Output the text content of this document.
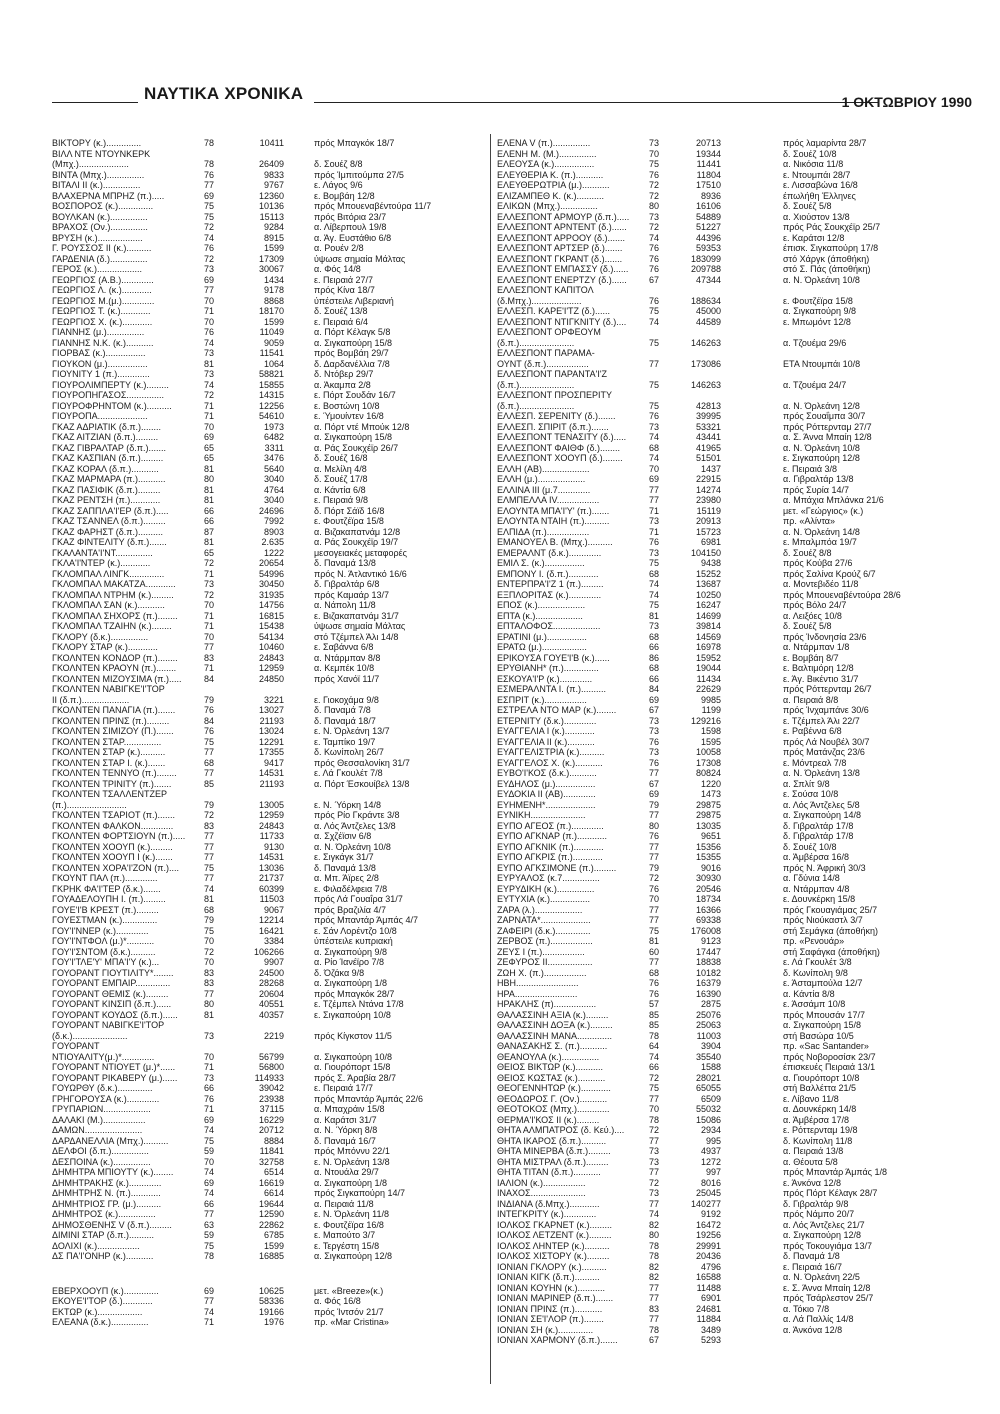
ΝΑΥΤΙΚΑ ΧΡΟΝΙΚΑ	1 ΟΚΤΩΒΡΙΟΥ 1990
ΒΙΚΤΟΡΥ (κ.)..............	78	10411	πρός Μπαγκόκ 18/7
ΒΙΛΛ ΝΤΕ ΝΤΟΥΝΚΕΡΚ
(Μπχ.)....................	78	26409	δ. Σουέζ 8/8
ΒΙΝΤΑ (Μπχ.)...............	76	9833	πρός Ίμπιτούμπα 27/5
ΒΙΤΑΛΙ ΙΙ (κ.)...............	77	9767	ε. Λάγος 9/6
ΒΛΑΧΕΡΝΑ ΜΠΡΗΖ (π.).....	69	12360	ε. Βομβάη 12/8
ΒΟΣΠΟΡΟΣ (κ.)..............	75	10136	πρός Μπουεναβέντούρα 11/7
ΒΟΥΛΚΑΝ (κ.)...............	75	15113	πρός Βιτόρια 23/7
ΒΡΑΧΟΣ (Ον.)...............	72	9284	α. Λίβερπουλ 19/8
ΒΡΥΣΗ (κ.)..................	74	8915	α. Άγ. Ευστάθιο 6/8
Γ. ΡΟΥΣΣΟΣ ΙΙ (κ.)..........	76	1599	α. Ρουέν 2/8
ΓΑΡΔΕΝΙΑ (δ.)...............	72	17309	ύψωσε σημαία Μάλτας
ΓΕΡΟΣ (κ.)..................	73	30067	α. Φός 14/8
ΓΕΩΡΓΙΟΣ (Α.Β.).............	69	1434	ε. Πειραιά 27/7
ΓΕΩΡΓΙΟΣ Λ. (κ.)............	77	9178	πρός Κίνα 18/7
ΓΕΩΡΓΙΟΣ Μ.(μ.).............	70	8868	ύπέστειλε Λιβεριανή
ΓΕΩΡΓΙΟΣ Τ. (κ.)............	71	18170	δ. Σουέζ 13/8
ΓΕΩΡΓΙΟΣ Χ. (κ.)............	70	1599	ε. Πειραιά 6/4
ΓΙΑΝΝΗΣ (μ.)...............	76	11049	α. Πόρτ Κέλαγκ 5/8
ΓΙΑΝΝΗΣ Ν.Κ. (κ.)...........	74	9059	α. Σιγκαπούρη 15/8
ΓΙΟΡΒΑΣ (κ.)................	73	11541	πρός Βομβάη 29/7
ΓΙΟΥΚΟΝ (μ.)................	81	1064	δ. Δαρδανέλλια 7/8
ΓΙΟΥΝΙΤΥ 1 (π.).............	73	58821	δ. Ντόβερ 29/7
ΓΙΟΥΡΟΛΙΜΠΕΡΤΥ (κ.).........	74	15855	α. Άκαμπα 2/8
ΓΙΟΥΡΟΠΗΓΑΣΟΣ...............	72	14315	ε. Πόρτ Σουδάν 16/7
ΓΙΟΥΡΟΦΡΗΝΤΟΜ (κ.)..........	71	12256	ε. Βοστώνη 10/8
ΓΙΟΥΡΟΠΑ....................	71	54610	ε. Ύμουίντεν 16/8
ΓΚΑΖ ΑΔΡΙΑΤΙΚ (δ.π.)........	70	1973	α. Πόρτ ντέ Μπούκ 12/8
ΓΚΑΖ ΑΙΤΖΙΑΝ (δ.π.).........	69	6482	α. Σιγκαπούρη 15/8
ΓΚΑΖ ΓΙΒΡΑΛΤΑΡ (δ.π.).......	65	3311	α. Ράς Σουκχέϊρ 26/7
ΓΚΑΖ ΚΑΣΠΙΑΝ (δ.π.).........	65	3476	δ. Σουέζ 16/8
ΓΚΑΖ ΚΟΡΑΛ (δ.π.)...........	81	5640	α. Μελίλη 4/8
ΓΚΑΖ ΜΑΡΜΑΡΑ (π.)...........	80	3040	δ. Σουέζ 17/8
ΓΚΑΖ ΠΑΣΙΦΙΚ (δ.π.).........	81	4764	α. Κάντία 6/8
ΓΚΑΖ ΡΕΝΤΣΗ (π.)............	81	3040	ε. Πειραιά 9/8
ΓΚΑΖ ΣΑΠΠΛΑ'Ι'ΕΡ (δ.π.).....	66	24696	δ. Πόρτ Σάϊδ 16/8
ΓΚΑΖ ΤΣΑΝΝΕΛ (δ.π.).........	66	7992	ε. Φουτζέϊρα 15/8
ΓΚΑΖ ΦΑΡΗΣΤ (δ.π.)..........	87	8903	α. Βιζακαπατνάμ 12/8
ΓΚΑΖ ΦΙΝΤΕΛΙΤΥ (δ.π.).......	81	2.635	α. Ράς Σουκχέϊρ 19/7
ΓΚΑΛΑΝΤΑ'Ι'ΝΤ...............	65	1222	μεσογειακές μεταφορές
ΓΚΛΑ'Ι'ΝΤΕΡ (κ.)............	72	20654	δ. Παναμά 13/8
ΓΚΛΟΜΠΑΛ ΛΙΝΓΚ..............	71	54996	πρός Ν. Άτλαντικό 16/6
ΓΚΛΟΜΠΑΛ ΜΑΚΑΤΖΑ............	73	30450	δ. Γιβραλτάρ 6/8
ΓΚΛΟΜΠΑΛ ΝΤΡΗΜ (κ.).........	72	31935	πρός Καμαάρ 13/7
ΓΚΛΟΜΠΑΛ ΣΑΝ (κ.)...........	70	14756	α. Νάπολη 11/8
ΓΚΛΟΜΠΑΛ ΣΗΧΟΡΣ (π.)........	71	16815	ε. Βιζακαπατνάμ 31/7
ΓΚΛΟΜΠΑΛ ΤΖΑΙΗΝ (κ.)........	71	15438	ύψωσε σημαία Μάλτας
ΓΚΛΟΡΥ (δ.κ.)...............	70	54134	στό Τζέμπελ Άλι 14/8
ΓΚΛΟΡΥ ΣΤΑΡ (κ.)............	77	10460	ε. Σαβάννα 6/8
ΓΚΟΛΝΤΕΝ ΚΟΝΔΟΡ (π.)........	83	24843	α. Ντάρμπαν 8/8
ΓΚΟΛΝΤΕΝ ΚΡΑΟΥΝ (π.)........	71	12959	α. Κεμπέκ 10/8
ΓΚΟΛΝΤΕΝ ΜΙΖΟΥΣΙΜΑ (π.)..... 84	24850	πρός Χανόϊ 11/7
ΓΚΟΛΝΤΕΝ ΝΑΒΙΓΚΕ'Ι'ΤΟΡ
ΙΙ (δ.π.)...................	79	3221	ε. Γιοκοχάμα 9/8
ΓΚΟΛΝΤΕΝ ΠΑΝΑΓΙΑ (π.).......	76	13027	δ. Παναμά 7/8
ΓΚΟΛΝΤΕΝ ΠΡΙΝΣ (π.).........	84	21193	δ. Παναμά 18/7
ΓΚΟΛΝΤΕΝ ΣΙΜΙΖΟΥ (Π.).......	76	13024	ε. Ν. Όρλεάνη 13/7
ΓΚΟΛΝΤΕΝ ΣΤΑΡ...............	75	12291	ε. Ταμπίκο 19/7
ΓΚΟΛΝΤΕΝ ΣΤΑΡ (κ.)..........	77	17355	δ. Κωνίπολη 26/7
ΓΚΟΛΝΤΕΝ ΣΤΑΡ Ι. (κ.).......	68	9417	πρός Θεσσαλονίκη 31/7
ΓΚΟΛΝΤΕΝ ΤΕΝΝΥΟ (π.)........	77	14531	ε. Λά Γκουλέτ 7/8
ΓΚΟΛΝΤΕΝ ΤΡΙΝΙΤΥ (π.).......	85	21193	α. Πόρτ Έσκουίβελ 13/8
ΓΚΟΛΝΤΕΝ ΤΣΑΛΛΕΝΤΖΕΡ
(π.)........................	79	13005	ε. Ν. Ύόρκη 14/8
ΓΚΟΛΝΤΕΝ ΤΣΑΡΙΟΤ (π.).......	72	12959	πρός Ρίο Γκράντε 3/8
ΓΚΟΛΝΤΕΝ ΦΑΛΚΟΝ.............	83	24843	α. Λός Άντζελες 13/8
ΓΚΟΛΝΤΕΝ ΦΟΡΤΣΙΟΥΝ (π.)..... 77	11733	α. Σχζέϊσιν 6/8
ΓΚΟΛΝΤΕΝ ΧΟΟΥΠ (κ.).........	77	9130	α. Ν. Όρλεάνη 10/8
ΓΚΟΛΝΤΕΝ ΧΟΟΥΠ Ι (κ.).......	77	14531	ε. Σιγκάγκ 31/7
ΓΚΟΛΝΤΕΝ ΧΟΡΑ'Ι'ΖΟΝ (π.)....	75	13036	δ. Παναμά 13/8
ΓΚΟΥΝΤ ΠΑΛ (π.).............	77	21737	α. Μπ. Άϊρες 2/8
ΓΚΡΗΚ ΦΑ'Ι'ΤΕΡ (δ.κ.).......	74	60399	ε. Φιλαδέλφεια 7/8
ΓΟΥΑΔΕΛΟΥΠΗ Ι. (π.).........	81	11503	πρός Λά Γουαΐρα 31/7
ΓΟΥΕ'Ι'Β ΚΡΕΣΤ (π.).........	68	9067	πρός Βραζιλία 4/7
ΓΟΥΕΣΤΜΑΝ (κ.)..............	79	12214	πρός Μπαντάρ Άμπάς 4/7
ΓΟΥ'Ι'ΝΝΕΡ (κ.).............	75	16421	ε. Σάν Λορέντζο 10/8
ΓΟΥ'Ι'ΝΤΦΟΛ (μ.)*...........	70	3384	ύπέστειλε κυπριακή
ΓΟΥ'Ι'ΣΝΤΟΜ (δ.κ.)..........	72	106266	α. Σιγκαπούρη 9/8
ΓΟΥ'Ι'ΤΛΕ'Υ' ΜΠΑ'Ι'Υ (κ.)...	70	9907	α. Ρίο Ίανέϊρο 7/8
ΓΟΥΟΡΑΝΤ ΓΙΟΥΤΙΛΙΤΥ*........	83	24500	δ. Όζάκα 9/8
ΓΟΥΟΡΑΝΤ ΕΜΠΑΙΡ..............	83	28268	α. Σιγκαπούρη 1/8
ΓΟΥΟΡΑΝΤ ΘΕΜΙΣ (κ.).........	77	20604	πρός Μπαγκόκ 28/7
ΓΟΥΟΡΑΝΤ ΚΙΝΣΙΠ (δ.π.)......	80	40551	ε. Τζέμπελ Ντάνα 17/8
ΓΟΥΟΡΑΝΤ ΚΟΥΔΟΣ (δ.π.)......	81	40357	ε. Σιγκαπούρη 10/8
ΓΟΥΟΡΑΝΤ ΝΑΒΙΓΚΕ'Ι'ΤΟΡ
(δ.κ.)......................	73	2219	πρός Κίγκστον 11/5
ΓΟΥΟΡΑΝΤ
ΝΤΙΟΥΑΛΙΤΥ(μ.)*.............	70	56799	α. Σιγκαπούρη 10/8
ΓΟΥΟΡΑΝΤ ΝΤΙΟΥΕΤ (μ.)*......	71	56800	α. Γιουρόπορτ 15/8
ΓΟΥΟΡΑΝΤ ΡΙΚΑΒΕΡΥ (μ.)......	73	114933	πρός Σ. Άραβία 28/7
ΓΟΥΩΡΘΥ (δ.κ.)..............	66	39042	ε. Πειραιά 17/7
ΓΡΗΓΟΡΟΥΣΑ (κ.).............	76	23938	πρός Μπαντάρ Άμπάς 22/6
ΓΡΥΠΑΡΙΩΝ...................	71	37115	α. Μπαχράιν 15/8
ΔΑΛΑΚΙ (Μ.).................	69	16229	α. Καράτσι 31/7
ΔΑΜΩΝ.......................	74	20712	α. Ν. Ύόρκη 8/8
ΔΑΡΔΑΝΕΛΛΙΑ (Μπχ.)..........	75	8884	δ. Παναμά 16/7
ΔΕΛΦΟΙ (δ.π.)...............	59	11841	πρός Μπόννυ 22/1
ΔΕΣΠΟΙΝΑ (κ.)...............	70	32758	ε. Ν. Όρλεάνη 13/8
ΔΗΜΗΤΡΑ ΜΠΙΟΥΤΥ (κ.)........	74	6514	α. Ντουάλα 29/7
ΔΗΜΗΤΡΑΚΗΣ (κ.).............	69	16619	α. Σιγκαπούρη 1/8
ΔΗΜΗΤΡΗΣ Ν. (π.)............	74	6614	πρός Σιγκαπούρη 14/7
ΔΗΜΗΤΡΙΟΣ ΓΡ. (μ.)..........	66	19644	α. Πειραιά 11/8
ΔΗΜΗΤΡΟΣ (κ.)...............	77	12590	ε. Ν. Όρλεάνη 11/8
ΔΗΜΟΣΘΕΝΗΣ V (δ.π.).........	63	22862	ε. Φουτζέϊρα 16/8
ΔΙΜΙΝΙ ΣΤΑΡ (δ.π.)..........	59	6785	ε. Μαπούτο 3/7
ΔΟΛΙΧΙ (κ.).................	75	1599	ε. Τεργέστη 15/8
ΔΣ ΠΑ'Ι'ΟΝΗΡ (κ.)...........	78	16885	α. Σιγκαπούρη 12/8
ΕΒΕΡΧΟΟΥΠ (κ.)..............	69	10625	μετ. «Breeze»(κ.)
ΕΚΟΥΕ'Ι'ΤΟΡ (δ.)............	77	58336	α. Φός 16/8
ΕΚΤΩΡ (κ.)..................	74	19166	πρός Ίντσόν 21/7
ΕΛΕΑΝΑ (δ.κ.)...............	71	1976	πρ. «Mar Cristina»
ΕΛΕΝΑ V (π.)...............	73	20713	πρός λαμαρίντα 28/7
ΕΛΕΝΗ Μ. (Μ.)...............	70	19344	δ. Σουέζ 10/8
ΕΛΕΟΥΣΑ (κ.)................	75	11441	α. Νικόσια 11/8
ΕΛΕΥΘΕΡΙΑ Κ. (π.)...........	76	11804	ε. Ντουμπάι 28/7
ΕΛΕΥΘΕΡΩΤΡΙΑ (μ.)...........	72	17510	ε. Λισσαβώνα 16/8
ΕΛΙΖΑΜΠΕΘ Κ. (κ.)...........	72	8936	έπωλήθη Έλληνες
ΕΛΙΚΩΝ (Μπχ.)...............	80	16106	δ. Σουέζ 5/8
ΕΛΛΕΣΠΟΝΤ ΑΡΜΟΥΡ (δ.π.)..... 73	54889	α. Χιούστον 13/8
ΕΛΛΕΣΠΟΝΤ ΑΡΝΤΕΝΤ (δ.)...... 72	51227	πρός Ράς Σουκχέϊρ 25/7
ΕΛΛΕΣΠΟΝΤ ΑΡΡΟΟΥ (δ.).......	74	44396	ε. Καράτσι 12/8
ΕΛΛΕΣΠΟΝΤ ΑΡΤΣΕΡ (δ.).......	76	59353	έπισκ. Σιγκαπούρη 17/8
ΕΛΛΕΣΠΟΝΤ ΓΚΡΑΝΤ (δ.).......	76	183099	στό Χάργκ (άποθήκη)
ΕΛΛΕΣΠΟΝΤ ΕΜΠΑΣΣΥ (δ.)...... 76	209788	στό Σ. Πάς (άποθήκη)
ΕΛΛΕΣΠΟΝΤ ΕΝΕΡΤΖΥ (δ.)...... 67	47344	α. Ν. Όρλεάνη 10/8
ΕΛΛΕΣΠΟΝΤ ΚΑΠΙΤΟΛ
(δ.Μπχ.)....................	76	188634	ε. Φουτζέϊρα 15/8
ΕΛΛΕΣΠ. ΚΑΡΕ'Ι'ΤΖ (δ.)......	75	45000	α. Σιγκαπούρη 9/8
ΕΛΛΕΣΠΟΝΤ ΝΤΙΓΚΝΙΤΥ (δ.)....	74	44589	ε. Μπωμόντ 12/8
ΕΛΛΕΣΠΟΝΤ ΟΡΦΕΟΥΜ
(δ.π.)......................	75	146263	α. Τζουέμα 29/6
ΕΛΛΕΣΠΟΝΤ ΠΑΡΑΜΑ-
ΟΥΝΤ (δ.π.).................	77	173086	ΕΤΑ Ντουμπάι 10/8
ΕΛΛΕΣΠΟΝΤ ΠΑΡΑΝΤΑ'Ι'Ζ
(δ.π.)......................	75	146263	α. Τζουέμα 24/7
ΕΛΛΕΣΠΟΝΤ ΠΡΟΣΠΕΡΙΤΥ
(δ.π.)......................	75	42813	α. Ν. Όρλεάνη 12/8
ΕΛΛΕΣΠ. ΣΕΡΕΝΙΤΥ (δ.).......	76	39995	πρός Σουαΐμπα 30/7
ΕΛΛΕΣΠ. ΣΠΙΡΙΤ (δ.π.).......	73	53321	πρός Ρόττερνταμ 27/7
ΕΛΛΕΣΠΟΝΤ ΤΕΝΑΣΙΤΥ (δ.).....	74	43441	α. Σ. Άννα Μπαίη 12/8
ΕΛΛΕΣΠΟΝΤ ΦΑΙΘΦ (δ.)........	68	41965	α. Ν. Όρλεάνη 10/8
ΕΛΛΕΣΠΟΝΤ ΧΟΟΥΠ (δ.)........	74	51501	ε. Σιγκαπούρη 12/8
ΕΛΛΗ (ΑΒ)...................	70	1437	ε. Πειραιά 3/8
ΕΛΛΗ (μ.)...................	69	22915	α. Γιβραλτάρ 13/8
ΕΛΛΙΝΑ ΙΙΙ (μ.7.............	77	14274	πρός Συρία 14/7
ΕΛΜΠΕΛΛΑ ΙV.................	77	23980	α. Μπάχια Μπλάνκα 21/6
ΕΛΟΥΝΤΑ ΜΠΑ'Ι'Υ' (π.).......	71	15119	μετ. «Γεώργιος» (κ.)
ΕΛΟΥΝΤΑ ΝΤΑΙΗ (π.)..........	73	20913	πρ. «Αλίντα»
ΕΛΠΙΔΑ (π.).................	71	15723	α. Ν. Όρλεάνη 14/8
ΕΜΑΝΟΥΕΛ Β. (Μπχ.)..........	76	6981	ε. Μπαλμπόα 19/7
ΕΜΕΡΑΛΝΤ (δ.κ.).............	73	104150	δ. Σουέζ 8/8
ΕΜΙΛ Σ. (κ.)................	75	9438	πρός Κούβα 27/6
ΕΜΠΟΝΥ Ι. (δ.π.)............	68	15252	πρός Σαλίνα Κρούζ 6/7
ΕΝΤΕΡΠΡΑ'Ι'Ζ 1 (π.).........	74	13687	α. Μοντεβιδέο 11/8
ΕΞΠΛΟΡΙΤΑΣ (κ.).............	74	10250	πρός Μπουεναβέντούρα 28/6
ΕΠΟΣ (κ.)...................	75	16247	πρός Βόλο 24/7
ΕΠΤΑ (κ.)...................	81	14699	α. Λειξόες 10/8
ΕΠΤΑΛΟΦΟΣ...................	73	39814	δ. Σουέζ 5/8
ΕΡΑΤΙΝΙ (μ.)................	68	14569	πρός Ίνδονησία 23/6
ΕΡΑΤΩ (μ.)..................	66	16978	α. Ντάρμπαν 1/8
ΕΡΙΚΟΥΣΑ ΓΟΥΕ'Ι'Β (κ.)......	86	15952	ε. Βομβάη 8/7
ΕΡΥΘΙΑΝΗ* (π.)..............	68	19044	ε. Βαλτιμόρη 12/8
ΕΣΚΟΥΑ'Ι'Ρ (κ.).............	66	11434	ε. Άγ. Βικέντιο 31/7
ΕΣΜΕΡΑΛΝΤΑ Ι. (π.)..........	84	22629	πρός Ρόττερνταμ 26/7
ΕΣΠΡΙΤ (κ.).................	69	9985	α. Πειραιά 8/8
ΕΣΤΡΕΛΑ ΝΤΟ ΜΑΡ (κ.)........	67	1199	πρός Ίνχαμπάνε 30/6
ΕΤΕΡΝΙΤΥ (δ.κ.).............	73	129216	ε. Τζέμπελ Άλι 22/7
ΕΥΑΓΓΕΛΙΑ Ι (κ.)............	73	1598	ε. Ραβέννα 6/8
ΕΥΑΓΓΕΛΙΑ ΙΙ (κ.)...........	76	1595	πρός Λά Νουβέλ 30/7
ΕΥΑΓΓΕΛΙΣΤΡΙΑ (κ.)..........	73	10058	πρός Ματάνζας 23/6
ΕΥΑΓΓΕΛΟΣ Χ. (κ.)...........	76	17308	ε. Μόντρεαλ 7/8
ΕΥΒΟ'Ι'ΚΟΣ (δ.κ.)...........	77	80824	α. Ν. Όρλεάνη 13/8
ΕΥΔΗΛΟΣ (μ.)................	67	1220	α. Σπλίτ 9/8
ΕΥΔΟΚΙΑ ΙΙ (ΑΒ).............	69	1473	ε. Σούσα 10/8
ΕΥΗΜΕΝΗ*....................	79	29875	α. Λός Άντζελες 5/8
ΕΥΝΙΚΗ......................	77	29875	α. Σιγκαπούρη 14/8
ΕΥΠΟ ΑΓΕΟΣ (π.).............	80	13035	δ. Γιβραλτάρ 17/8
ΕΥΠΟ ΑΓΚΝΑΡ (π.)............	76	9651	δ. Γιβραλτάρ 17/8
ΕΥΠΟ ΑΓΚΝΙΚ (π.)............	77	15356	δ. Σουέζ 10/8
ΕΥΠΟ ΑΓΚΡΙΣ (π.)............	77	15355	α. Άμβέρσα 16/8
ΕΥΠΟ ΑΓΚΣΙΜΟΝΕ (π.).........	79	9016	πρός Ν. Άφρική 30/3
ΕΥΡΥΑΛΟΣ (κ.7...............	72	30930	α. Γδύνια 14/8
ΕΥΡΥΔΙΚΗ (κ.)...............	76	20546	α. Ντάρμπαν 4/8
ΕΥΤΥΧΙΑ (κ.)................	70	18734	ε. Δουνκέρκη 15/8
ΖΑΡΑ (λ.)...................	77	16366	πρός Γκουαγιάμας 25/7
ΖΑΡΝΑΤΑ*....................	77	69338	πρός Νιούκαστλ 3/7
ΖΑΦΕΙΡΙ (δ.κ.)..............	75	176008	στή Σεμάγκα (άποθήκη)
ΖΕΡΒΟΣ (π.).................	81	9123	πρ. «Ρενουάρ»
ΖΕΥΣ Ι (π.).................	60	17447	στή Σαφάγκα (άποθήκη)
ΖΕΦΥΡΟΣ ΙΙ..................	77	18838	ε. Λά Γκουλέτ 3/8
ΖΩΗ Χ. (π.).................	68	10182	δ. Κωνίπολη 9/8
ΗΒΗ.........................	76	16379	ε. Άσταμπούλα 12/7
ΗΡΑ.........................	76	16390	α. Κάντία 8/8
ΗΡΑΚΛΗΣ (π).................	57	2875	ε. Άσσάμπ 10/8
ΘΑΛΑΣΣΙΝΗ ΑΞΙΑ (κ.).........	85	25076	πρός Μπουσάν 17/7
ΘΑΛΑΣΣΙΝΗ ΔΟΞΑ (κ.).........	85	25063	α. Σιγκαπούρη 15/8
ΘΑΛΑΣΣΙΝΗ ΜΑΝΑ..............	78	11003	στή Βασώρα 10/5
ΘΑΝΑΣΑΚΗΣ Σ. (π.)...........	64	3904	πρ. «Sac Santander»
ΘΕΑΝΟΥΛΑ (κ.)...............	74	35540	πρός Νοβοροσίσκ 23/7
ΘΕΙΟΣ ΒΙΚΤΩΡ (κ.)...........	66	1588	έπισκευές Πειραιά 13/1
ΘΕΙΟΣ ΚΩΣΤΑΣ (κ.)...........	72	28021	α. Γιουρόπορτ 10/8
ΘΕΟΓΕΝΝΗΤΩΡ (κ.)............	75	65055	στή Βαλλέττα 21/5
ΘΕΟΔΩΡΟΣ Γ. (Ον.)...........	77	6509	ε. Λίβανο 11/8
ΘΕΟΤΟΚΟΣ (Μπχ.).............	70	55032	α. Δουνκέρκη 14/8
ΘΕΡΜΑ'Ι'ΚΟΣ ΙΙ (κ.).........	78	15086	α. Άμβέρσα 17/8
ΘΗΤΑ ΑΛΜΠΑΤΡΟΣ (δ. Κεύ.)....	72	2934	ε. Ρόττερνταμ 19/8
ΘΗΤΑ ΙΚΑΡΟΣ (δ.π.)..........	77	995	δ. Κωνίπολη 11/8
ΘΗΤΑ ΜΙΝΕΡΒΑ (δ.π.).........	73	4937	α. Πειραιά 13/8
ΘΗΤΑ ΜΙΣΤΡΑΛ (δ.π.).........	73	1272	α. Θέουτα 5/8
ΘΗΤΑ ΤΙΤΑΝ (δ.π.)...........	77	997	πρός Μπαντάρ Άμπάς 1/8
ΙΑΛΙΟΝ (κ.).................	72	8016	ε. Άνκόνα 12/8
ΙΝΑΧΟΣ......................	73	25045	πρός Πόρτ Κέλαγκ 28/7
ΙΝΔΙΑΝΑ (δ.Μπχ.)............	77	140277	δ. Γιβραλτάρ 9/8
ΙΝΤΕΓΚΡΙΤΥ (κ.).............	74	9192	πρός Νάμπο 20/7
ΙΟΛΚΟΣ ΓΚΑΡΝΕΤ (κ.).........	82	16472	α. Λός Άντζελες 21/7
ΙΟΛΚΟΣ ΛΕΤΖΕΝΤ (κ.).........	80	19256	α. Σιγκαπούρη 12/8
ΙΟΛΚΟΣ ΛΗΝΤΕΡ (κ.)..........	78	29991	πρός Τοκουγιάμα 13/7
ΙΟΛΚΟΣ ΧΙΣΤΟΡΥ (κ.).........	78	20436	δ. Παναμά 1/8
ΙΟΝΙΑΝ ΓΚΛΟΡΥ (κ.)..........	82	4796	ε. Πειραιά 16/7
ΙΟΝΙΑΝ ΚΙΓΚ (δ.π.)..........	82	16588	α. Ν. Όρλεάνη 22/5
ΙΟΝΙΑΝ ΚΟΥΗΝ (κ.)...........	77	11488	ε. Σ. Άννα Μπαίη 12/8
ΙΟΝΙΑΝ ΜΑΡΙΝΕΡ (δ.π.).......	77	6901	πρός Τσάρλεστον 25/7
ΙΟΝΙΑΝ ΠΡΙΝΣ (π.)...........	83	24681	α. Τόκιο 7/8
ΙΟΝΙΑΝ ΣΕ'Ι'ΛΟΡ (π.)........	77	11884	α. Λά Παλλίς 14/8
ΙΟΝΙΑΝ ΣΗ (κ.)..............	78	3489	α. Άνκόνα 12/8
ΙΟΝΙΑΝ ΧΑΡΜΟΝΥ (δ.π.).......	67	5293
